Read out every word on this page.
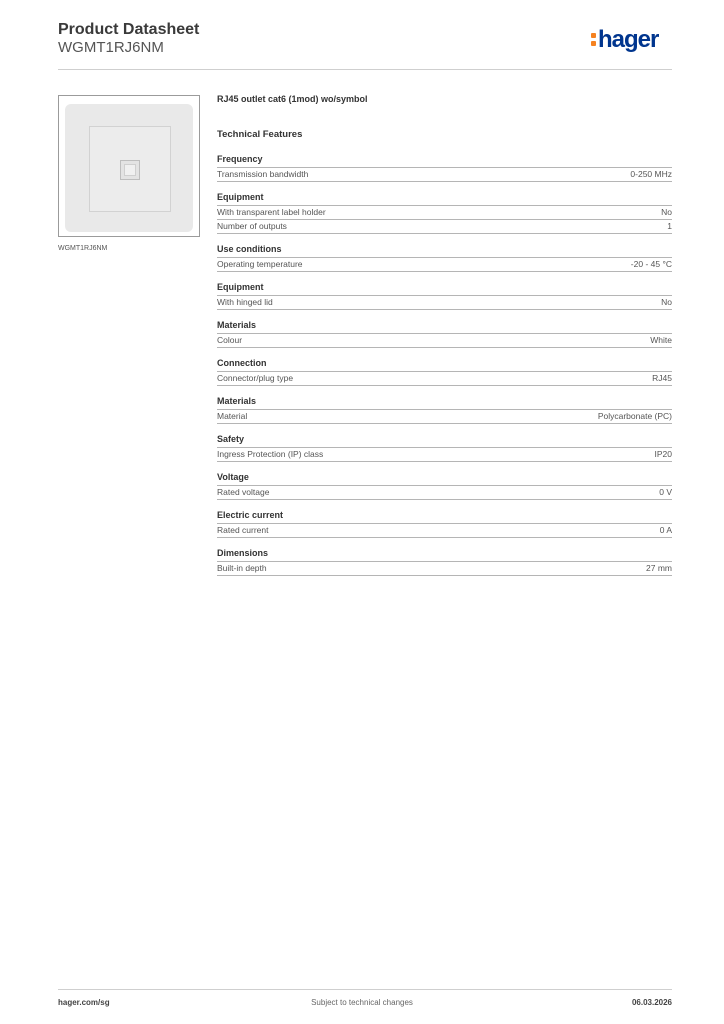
Product Datasheet
WGMT1RJ6NM	hager
WGMT1RJ6NM
RJ45 outlet cat6 (1mod) wo/symbol
Technical Features
Frequency
Transmission bandwidth	0-250 MHz
Equipment
With transparent label holder	No
Number of outputs	1
Use conditions
Operating temperature	-20 - 45 °C
Equipment
With hinged lid	No
Materials
Colour	White
Connection
Connector/plug type	RJ45
Materials
Material	Polycarbonate (PC)
Safety
Ingress Protection (IP) class	IP20
Voltage
Rated voltage	0 V
Electric current
Rated current	0 A
Dimensions
Built-in depth	27 mm
hager.com/sg	Subject to technical changes	06.03.2026
